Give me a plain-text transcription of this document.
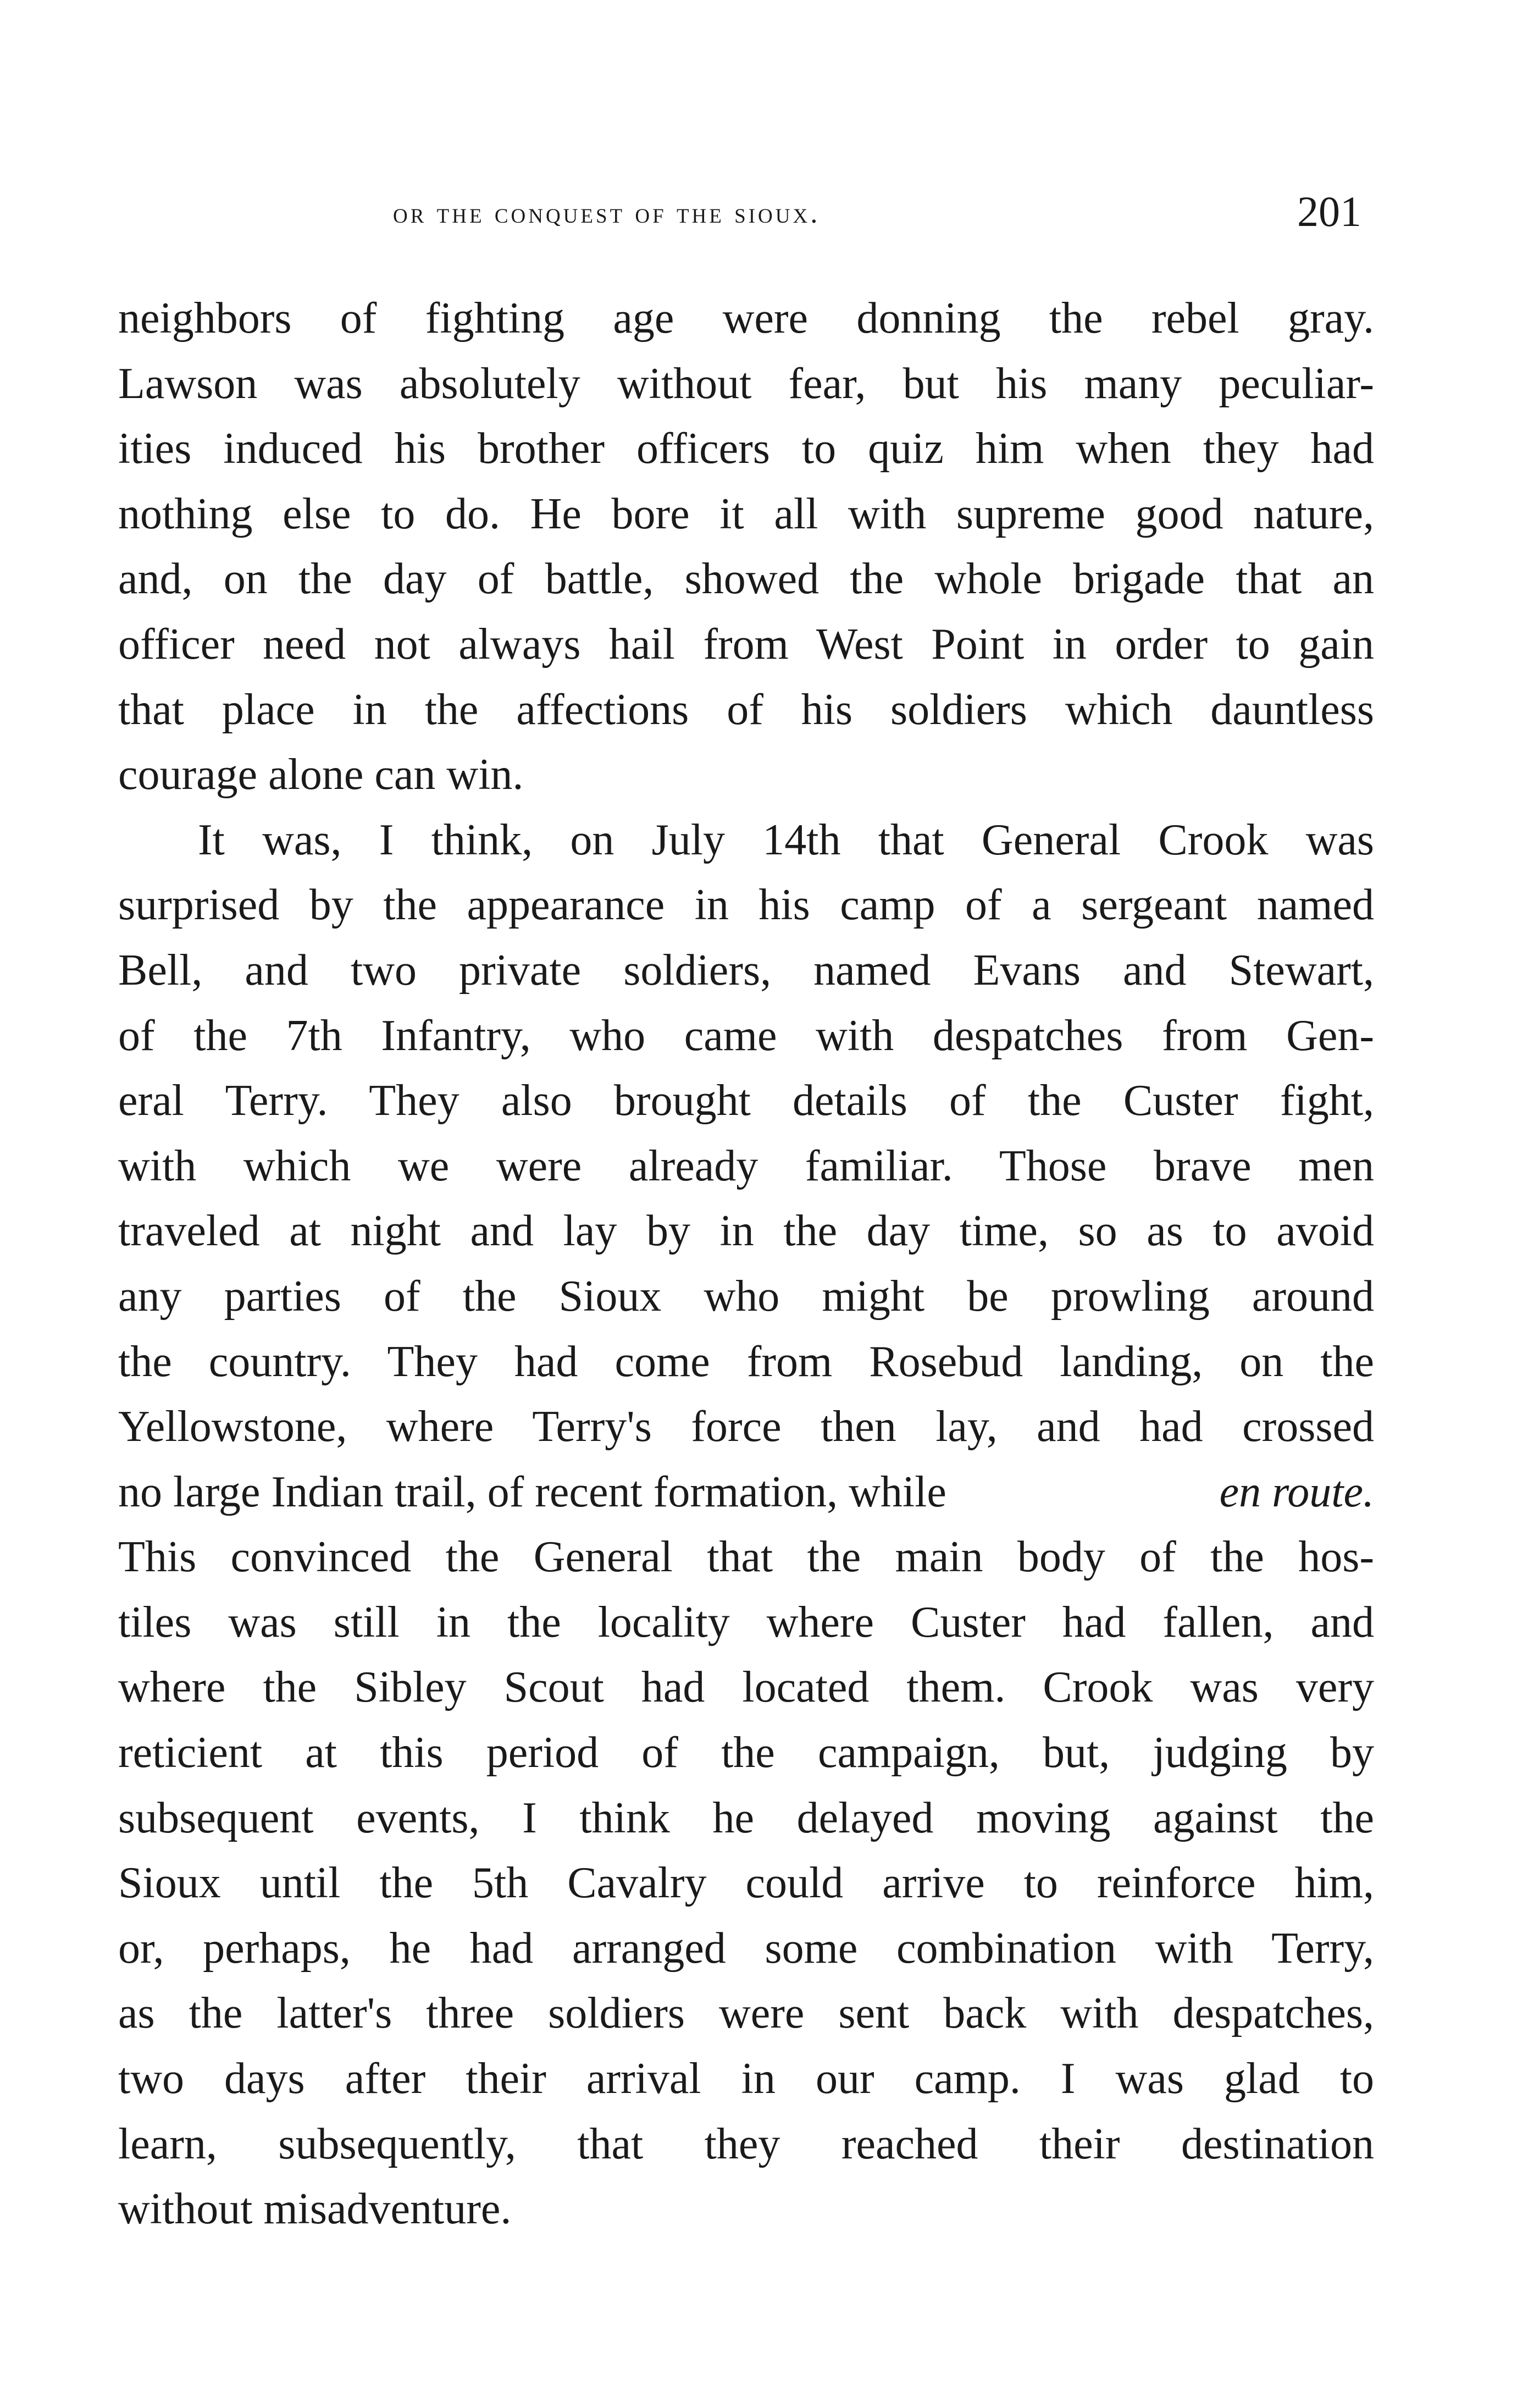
or the conquest of the sioux.	201
neighbors of fighting age were donning the rebel gray.
Lawson was absolutely without fear, but his many peculiar-
ities induced his brother officers to quiz him when they had
nothing else to do. He bore it all with supreme good nature,
and, on the day of battle, showed the whole brigade that an
officer need not always hail from West Point in order to gain
that place in the affections of his soldiers which dauntless
courage alone can win.
It was, I think, on July 14th that General Crook was
surprised by the appearance in his camp of a sergeant named
Bell, and two private soldiers, named Evans and Stewart,
of the 7th Infantry, who came with despatches from Gen-
eral Terry. They also brought details of the Custer fight,
with which we were already familiar. Those brave men
traveled at night and lay by in the day time, so as to avoid
any parties of the Sioux who might be prowling around
the country. They had come from Rosebud landing, on the
Yellowstone, where Terry's force then lay, and had crossed
no large Indian trail, of recent formation, while	en route.
This convinced the General that the main body of the hos-
tiles was still in the locality where Custer had fallen, and
where the Sibley Scout had located them. Crook was very
reticient at this period of the campaign, but, judging by
subsequent events, I think he delayed moving against the
Sioux until the 5th Cavalry could arrive to reinforce him,
or, perhaps, he had arranged some combination with Terry,
as the latter's three soldiers were sent back with despatches,
two days after their arrival in our camp. I was glad to
learn, subsequently, that they reached their destination
without misadventure.
